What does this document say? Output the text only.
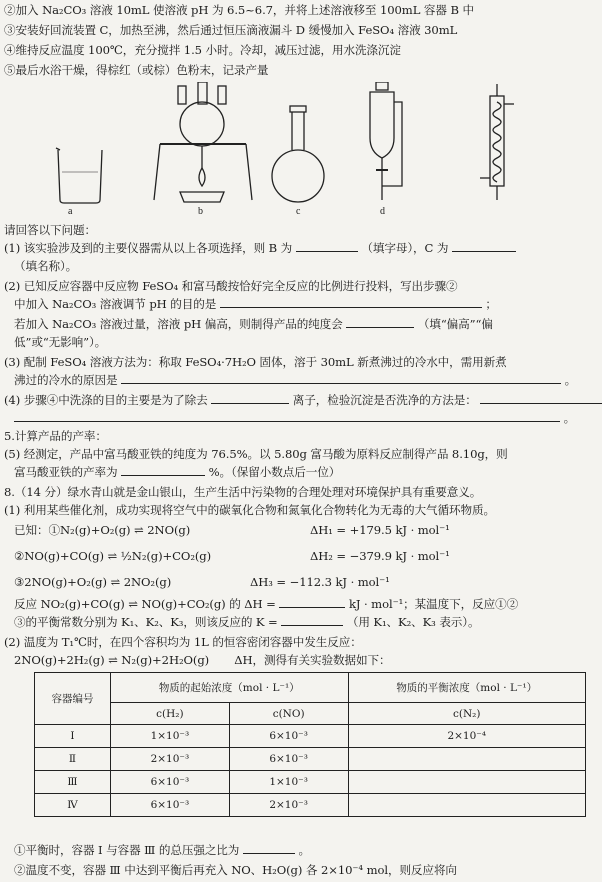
②加入 Na₂CO₃ 溶液 10mL 使溶液 pH 为 6.5~6.7，并将上述溶液移至 100mL 容器 B 中
③安装好回流装置 C，加热至沸，然后通过恒压滴液漏斗 D 缓慢加入 FeSO₄ 溶液 30mL
④维持反应温度 100℃，充分搅拌 1.5 小时。冷却，减压过滤，用水洗涤沉淀
⑤最后水浴干燥，得棕红（或棕）色粉末，记录产量
a	b	c	d
请回答以下问题：
(1) 该实验涉及到的主要仪器需从以上各项选择，则 B 为	（填字母），C 为
（填名称）。
(2) 已知反应容器中反应物 FeSO₄ 和富马酸按恰好完全反应的比例进行投料，写出步骤②
中加入 Na₂CO₃ 溶液调节 pH 的目的是	；
若加入 Na₂CO₃ 溶液过量，溶液 pH 偏高，则制得产品的纯度会	（填“偏高”“偏
低”或“无影响”）。
(3) 配制 FeSO₄ 溶液方法为：称取 FeSO₄·7H₂O 固体，溶于 30mL 新煮沸过的冷水中，需用新煮
沸过的冷水的原因是	。
(4) 步骤④中洗涤的目的主要是为了除去	离子，检验沉淀是否洗净的方法是：
。
5.计算产品的产率：
(5) 经测定，产品中富马酸亚铁的纯度为 76.5%。以 5.80g 富马酸为原料反应制得产品 8.10g，则
富马酸亚铁的产率为	%。（保留小数点后一位）
8.（14 分）绿水青山就是金山银山，生产生活中污染物的合理处理对环境保护具有重要意义。
(1) 利用某些催化剂，成功实现将空气中的碳氧化合物和氮氧化合物转化为无毒的大气循环物质。
已知：①N₂(g)+O₂(g) ⇌ 2NO(g)	ΔH₁ = +179.5 kJ · mol⁻¹
②NO(g)+CO(g) ⇌ ½N₂(g)+CO₂(g)	ΔH₂ = −379.9 kJ · mol⁻¹
③2NO(g)+O₂(g) ⇌ 2NO₂(g)	ΔH₃ = −112.3 kJ · mol⁻¹
反应 NO₂(g)+CO(g) ⇌ NO(g)+CO₂(g) 的 ΔH =	kJ · mol⁻¹；某温度下，反应①②
③的平衡常数分别为 K₁、K₂、K₃，则该反应的 K =	（用 K₁、K₂、K₃ 表示）。
(2) 温度为 T₁℃时，在四个容积均为 1L 的恒容密闭容器中发生反应：
2NO(g)+2H₂(g) ⇌ N₂(g)+2H₂O(g) ΔH，测得有关实验数据如下：
容器编号	物质的起始浓度（mol · L⁻¹）		物质的平衡浓度（mol · L⁻¹）
	c(H₂)	c(NO)	c(N₂)
Ⅰ	1×10⁻³	6×10⁻³	2×10⁻⁴
Ⅱ	2×10⁻³	6×10⁻³	
Ⅲ	6×10⁻³	1×10⁻³	
Ⅳ	6×10⁻³	2×10⁻³	
①平衡时，容器 Ⅰ 与容器 Ⅲ 的总压强之比为	。
②温度不变，容器 Ⅲ 中达到平衡后再充入 NO、H₂O(g) 各 2×10⁻⁴ mol，则反应将向
